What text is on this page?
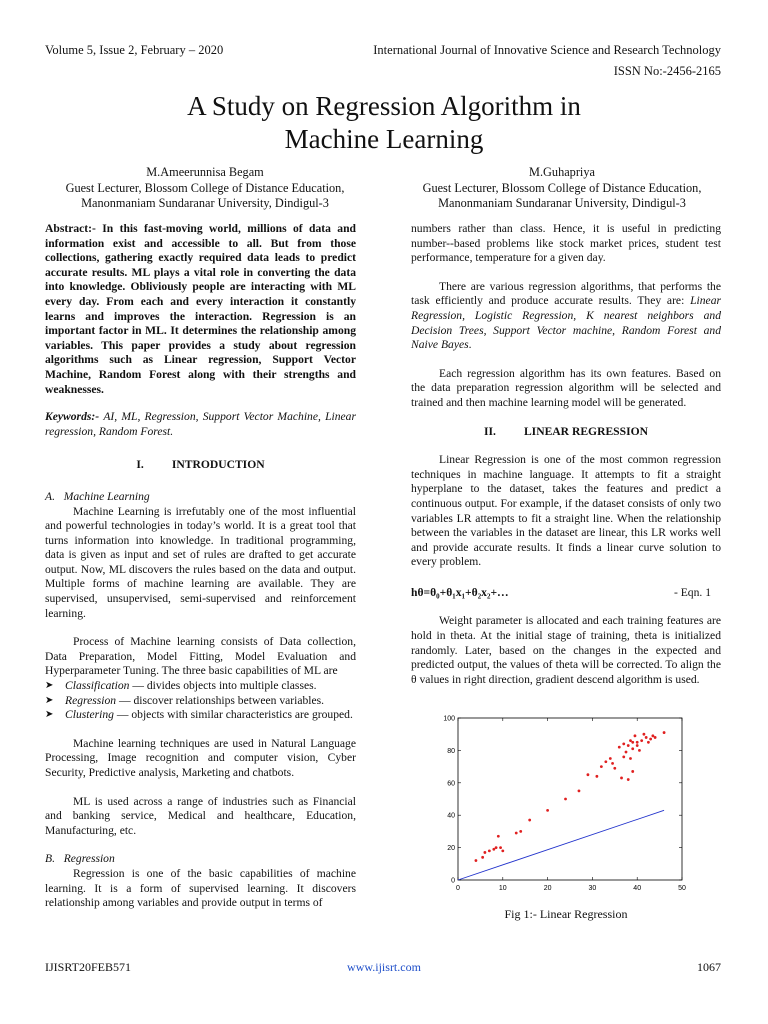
Volume 5, Issue 2, February – 2020	International Journal of Innovative Science and Research Technology
ISSN No:-2456-2165
A Study on Regression Algorithm in
Machine Learning
M.Ameerunnisa Begam
Guest Lecturer, Blossom College of Distance Education,
Manonmaniam Sundaranar University, Dindigul-3
M.Guhapriya
Guest Lecturer, Blossom College of Distance Education,
Manonmaniam Sundaranar University, Dindigul-3

Abstract:- In this fast-moving world, millions of data and information exist and accessible to all. But from those collections, gathering exactly required data leads to predict accurate results. ML plays a vital role in converting the data into knowledge. Obliviously people are interacting with ML every day. From each and every interaction it constantly learns and improves the interaction. Regression is an important factor in ML. It determines the relationship among variables. This paper provides a study about regression algorithms such as Linear regression, Support Vector Machine, Random Forest along with their strengths and weaknesses.

Keywords:- AI, ML, Regression, Support Vector Machine, Linear regression, Random Forest.

I. INTRODUCTION

A. Machine Learning

Machine Learning is irrefutably one of the most influential and powerful technologies in today’s world. It is a great tool that turns information into knowledge. In traditional programming, data is given as input and set of rules are drafted to get accurate output. Now, ML discovers the rules based on the data and output. Multiple forms of machine learning are available. They are supervised, unsupervised, semi-supervised and reinforcement learning.

Process of Machine learning consists of Data collection, Data Preparation, Model Fitting, Model Evaluation and Hyperparameter Tuning. The three basic capabilities of ML are

➤ Classification — divides objects into multiple classes.
➤ Regression — discover relationships between variables.
➤ Clustering — objects with similar characteristics are grouped.

Machine learning techniques are used in Natural Language Processing, Image recognition and computer vision, Cyber Security, Predictive analysis, Marketing and chatbots.

ML is used across a range of industries such as Financial and banking service, Medical and healthcare, Education, Manufacturing, etc.

B. Regression

Regression is one of the basic capabilities of machine learning. It is a form of supervised learning. It discovers relationship among variables and provide output in terms of

numbers rather than class. Hence, it is useful in predicting number--based problems like stock market prices, student test performance, temperature for a given day.

There are various regression algorithms, that performs the task efficiently and produce accurate results. They are: Linear Regression, Logistic Regression, K nearest neighbors and Decision Trees, Support Vector machine, Random Forest and Naive Bayes.

Each regression algorithm has its own features. Based on the data preparation regression algorithm will be selected and trained and then machine learning model will be generated.

II. LINEAR REGRESSION

Linear Regression is one of the most common regression techniques in machine language. It attempts to fit a straight hyperplane to the dataset, takes the features and predict a continuous output. For example, if the dataset consists of only two variables LR attempts to fit a straight line. When the relationship between the variables in the dataset are linear, this LR works well and provide accurate results. It finds a linear curve solution to every problem.

hθ=θ₀+θ₁x₁+θ₂x₂+…	- Eqn. 1

Weight parameter is allocated and each training features are hold in theta. At the initial stage of training, theta is initialized randomly. Later, based on the changes in the expected and predicted output, the values of theta will be corrected. To align the θ values in right direction, gradient descend algorithm is used.

0	10	20	30	40	50
0
20
40
60
80
100
Fig 1:- Linear Regression
IJISRT20FEB571	www.ijisrt.com	1067
